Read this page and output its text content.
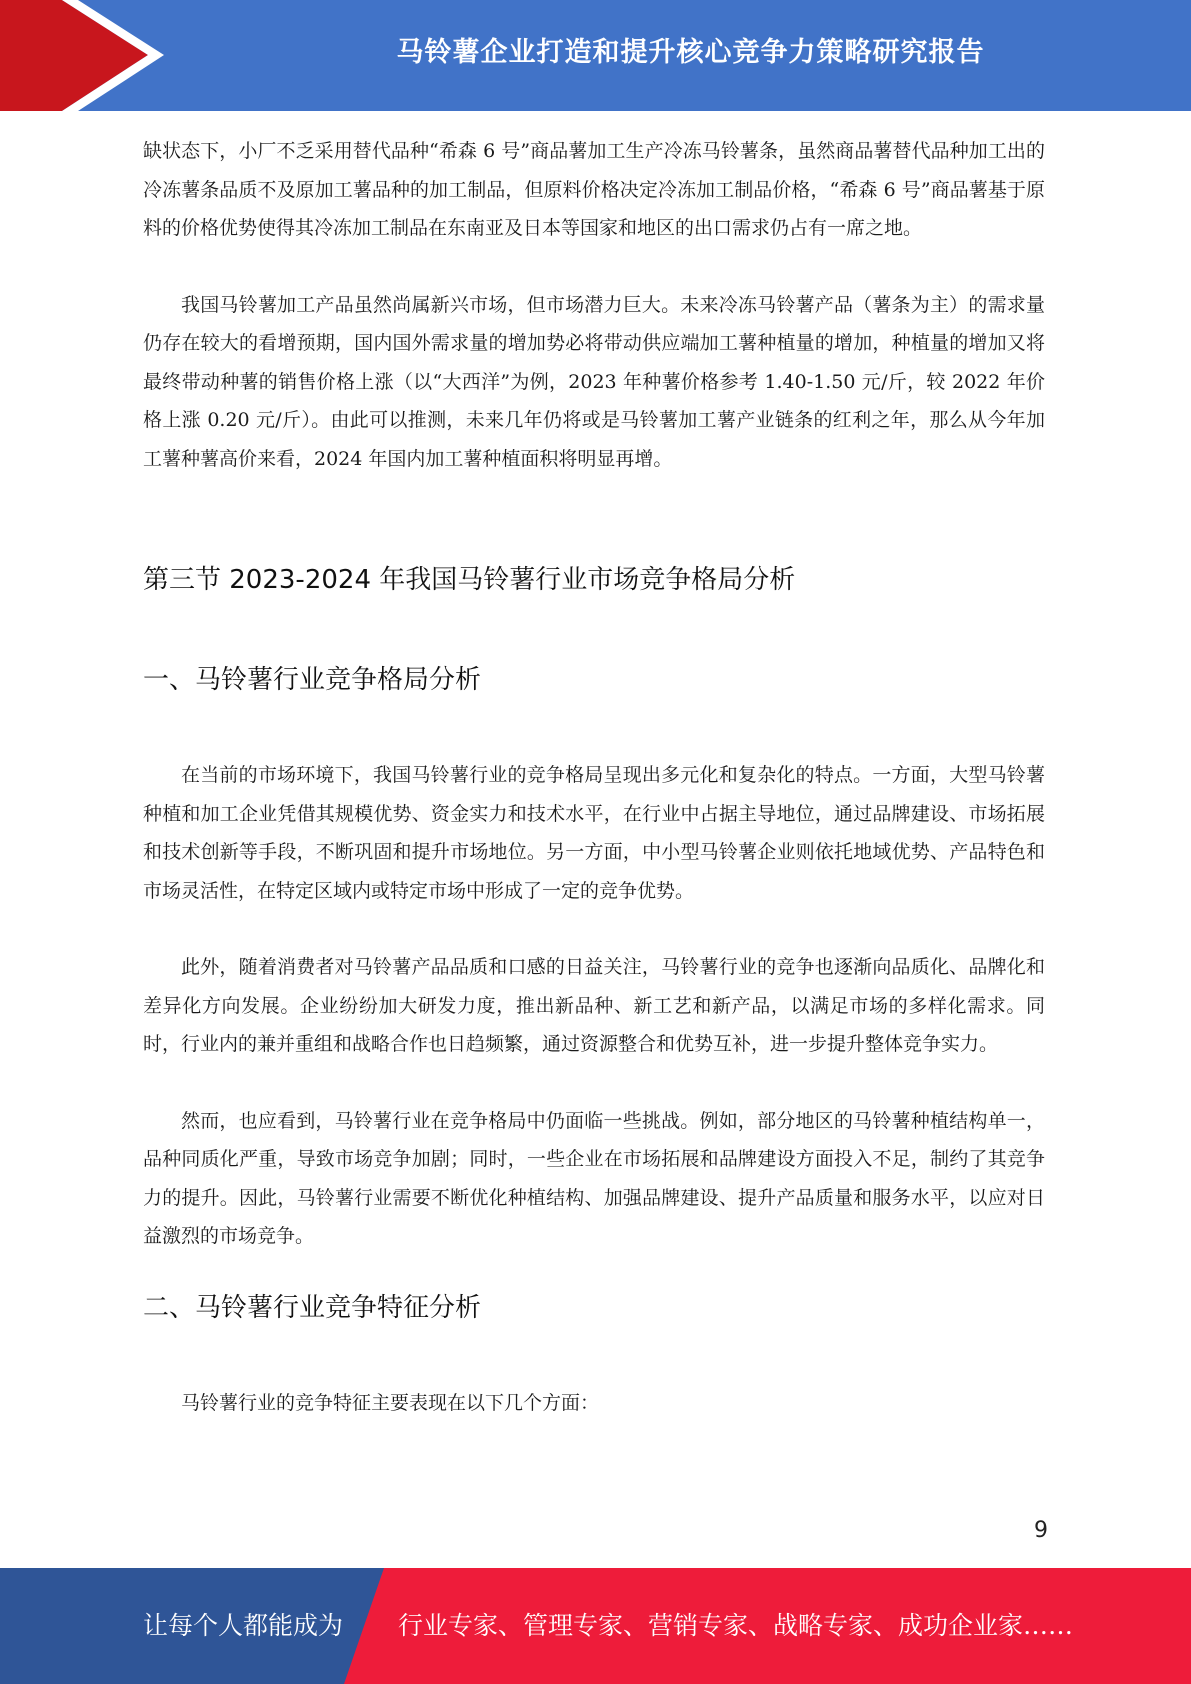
马铃薯企业打造和提升核心竞争力策略研究报告

缺状态下，小厂不乏采用替代品种“希森 6 号”商品薯加工生产冷冻马铃薯条，虽然商品薯替代品种加工出的冷冻薯条品质不及原加工薯品种的加工制品，但原料价格决定冷冻加工制品价格，“希森 6 号”商品薯基于原料的价格优势使得其冷冻加工制品在东南亚及日本等国家和地区的出口需求仍占有一席之地。

我国马铃薯加工产品虽然尚属新兴市场，但市场潜力巨大。未来冷冻马铃薯产品（薯条为主）的需求量仍存在较大的看增预期，国内国外需求量的增加势必将带动供应端加工薯种植量的增加，种植量的增加又将最终带动种薯的销售价格上涨（以“大西洋”为例，2023 年种薯价格参考 1.40-1.50 元/斤，较 2022 年价格上涨 0.20 元/斤）。由此可以推测，未来几年仍将或是马铃薯加工薯产业链条的红利之年，那么从今年加工薯种薯高价来看，2024 年国内加工薯种植面积将明显再增。

第三节 2023-2024 年我国马铃薯行业市场竞争格局分析
一、马铃薯行业竞争格局分析

在当前的市场环境下，我国马铃薯行业的竞争格局呈现出多元化和复杂化的特点。一方面，大型马铃薯种植和加工企业凭借其规模优势、资金实力和技术水平，在行业中占据主导地位，通过品牌建设、市场拓展和技术创新等手段，不断巩固和提升市场地位。另一方面，中小型马铃薯企业则依托地域优势、产品特色和市场灵活性，在特定区域内或特定市场中形成了一定的竞争优势。

此外，随着消费者对马铃薯产品品质和口感的日益关注，马铃薯行业的竞争也逐渐向品质化、品牌化和差异化方向发展。企业纷纷加大研发力度，推出新品种、新工艺和新产品，以满足市场的多样化需求。同时，行业内的兼并重组和战略合作也日趋频繁，通过资源整合和优势互补，进一步提升整体竞争实力。

然而，也应看到，马铃薯行业在竞争格局中仍面临一些挑战。例如，部分地区的马铃薯种植结构单一，品种同质化严重，导致市场竞争加剧；同时，一些企业在市场拓展和品牌建设方面投入不足，制约了其竞争力的提升。因此，马铃薯行业需要不断优化种植结构、加强品牌建设、提升产品质量和服务水平，以应对日益激烈的市场竞争。

二、马铃薯行业竞争特征分析

马铃薯行业的竞争特征主要表现在以下几个方面：

9
让每个人都能成为 行业专家、管理专家、营销专家、战略专家、成功企业家……
